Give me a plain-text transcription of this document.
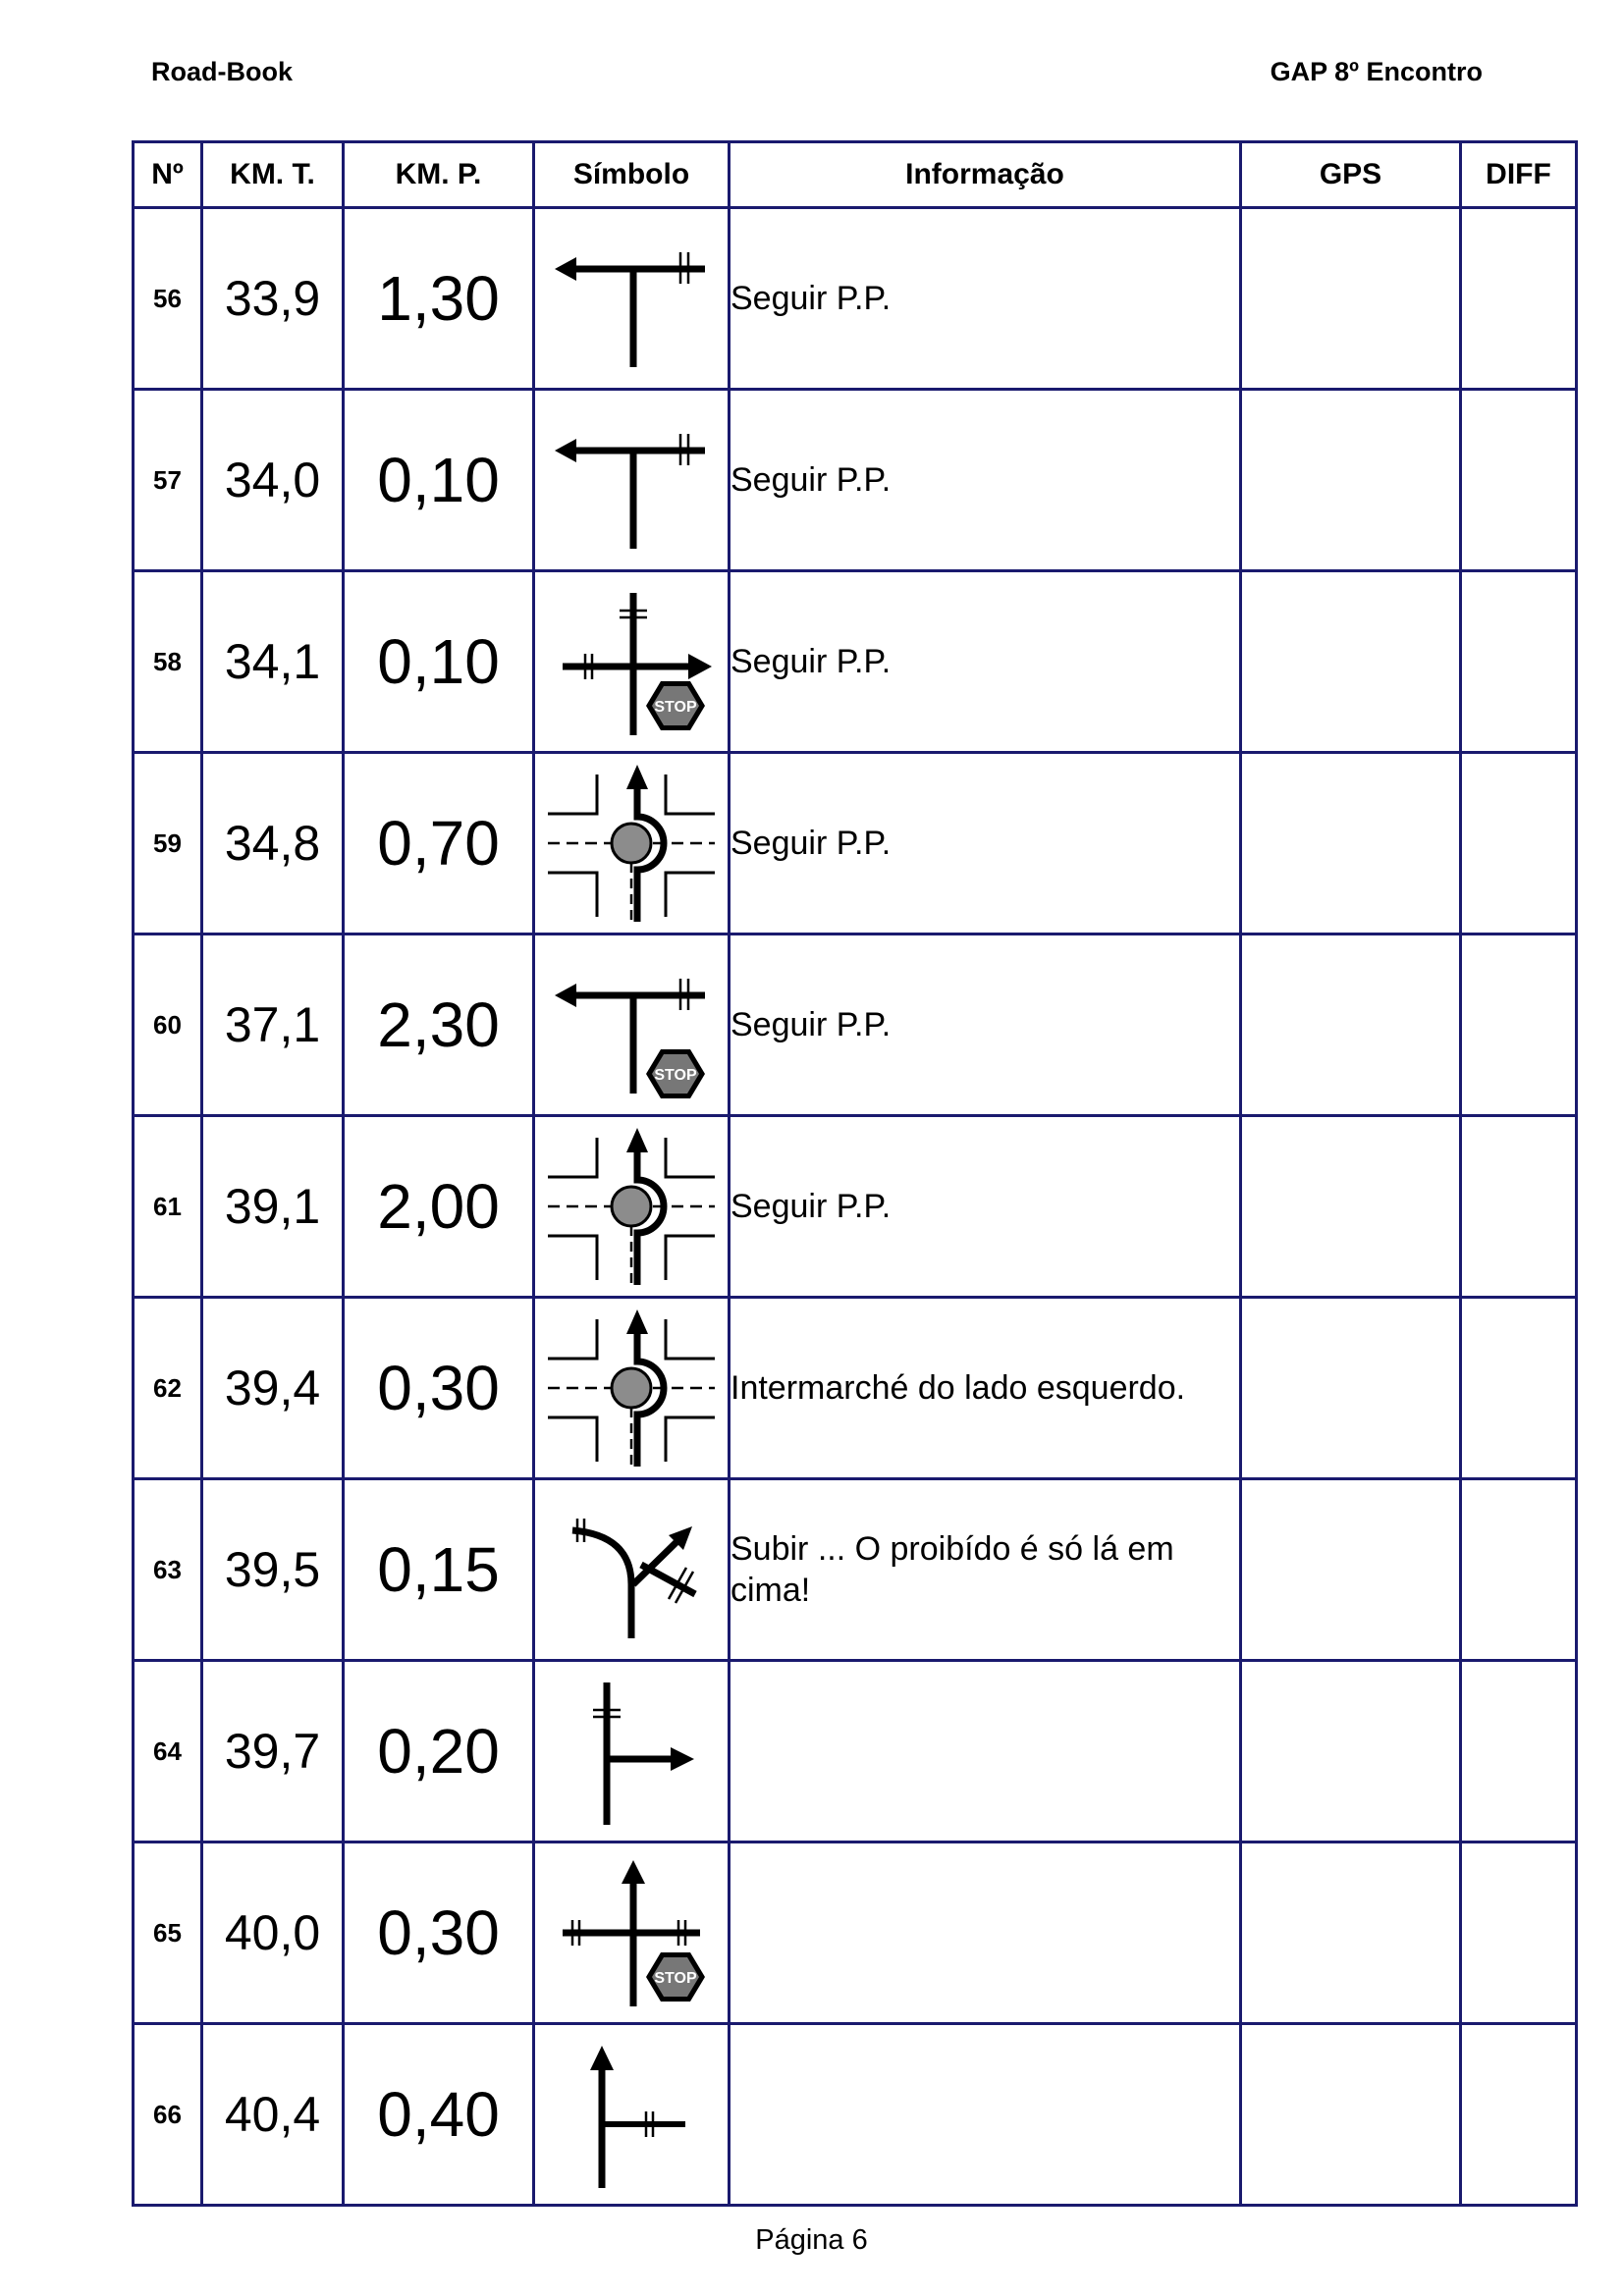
Road-Book	GAP 8º Encontro
Nº	KM. T.	KM. P.	Símbolo	Informação	GPS	DIFF
56	33,9	1,30		Seguir P.P.		
57	34,0	0,10		Seguir P.P.		
58	34,1	0,10	STOP	Seguir P.P.		
59	34,8	0,70		Seguir P.P.		
60	37,1	2,30	STOP	Seguir P.P.		
61	39,1	2,00		Seguir P.P.		
62	39,4	0,30		Intermarché do lado esquerdo.		
63	39,5	0,15		Subir ... O proibído é só lá em cima!		
64	39,7	0,20	

65	40,0	0,30	STOP			

66	40,4	0,40	

Página 6
